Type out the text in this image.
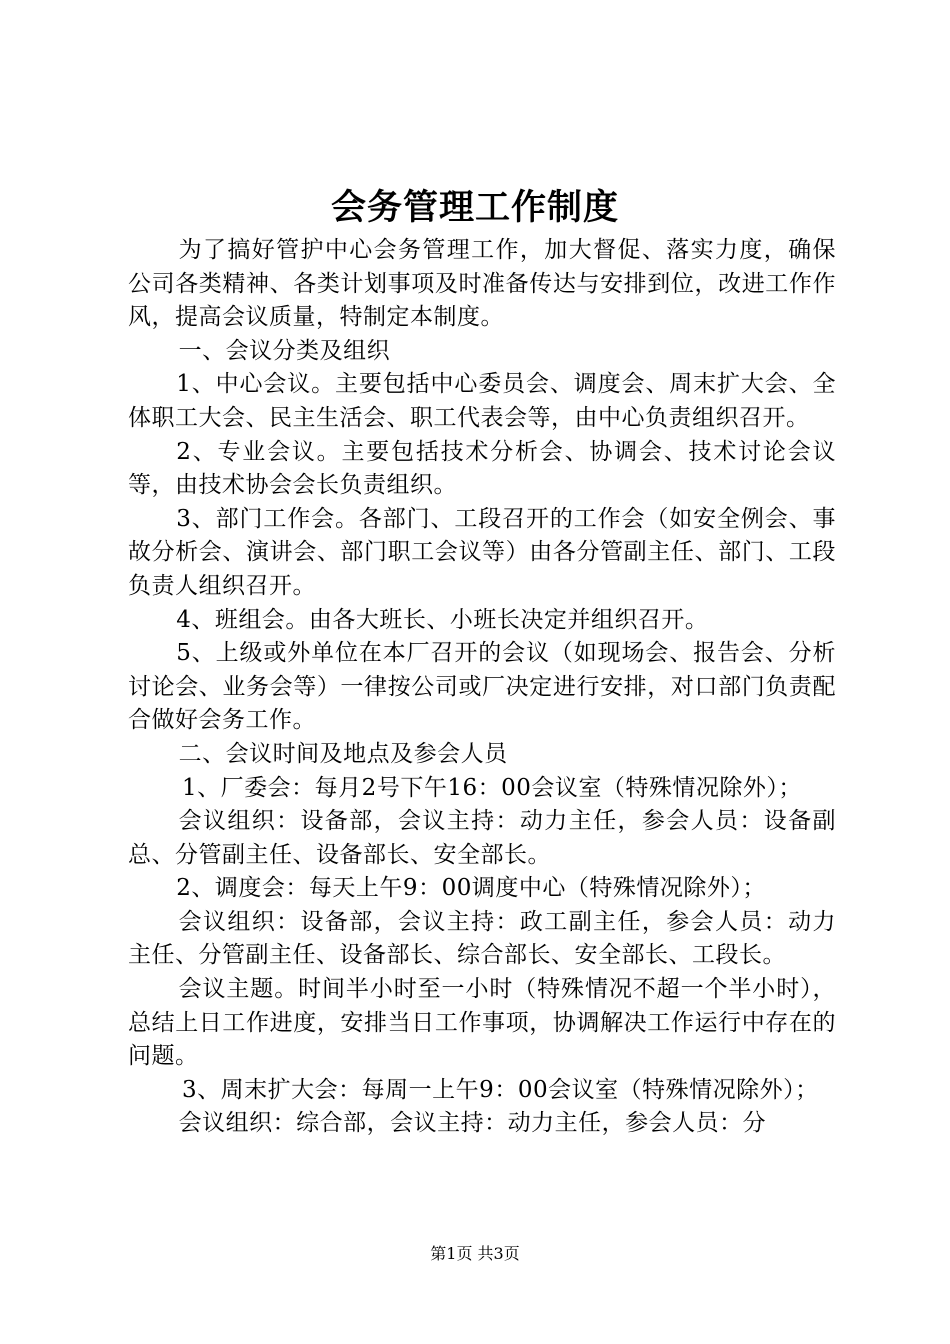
会务管理工作制度

为了搞好管护中心会务管理工作，加大督促、落实力度，确保公司各类精神、各类计划事项及时准备传达与安排到位，改进工作作风，提高会议质量，特制定本制度。

一、会议分类及组织

1、中心会议。主要包括中心委员会、调度会、周末扩大会、全体职工大会、民主生活会、职工代表会等，由中心负责组织召开。

2、专业会议。主要包括技术分析会、协调会、技术讨论会议等，由技术协会会长负责组织。

3、部门工作会。各部门、工段召开的工作会（如安全例会、事故分析会、演讲会、部门职工会议等）由各分管副主任、部门、工段负责人组织召开。

4、班组会。由各大班长、小班长决定并组织召开。

5、上级或外单位在本厂召开的会议（如现场会、报告会、分析讨论会、业务会等）一律按公司或厂决定进行安排，对口部门负责配合做好会务工作。

二、会议时间及地点及参会人员

1、厂委会：每月2号下午16：00会议室（特殊情况除外）；

会议组织：设备部，会议主持：动力主任，参会人员：设备副总、分管副主任、设备部长、安全部长。

2、调度会：每天上午9：00调度中心（特殊情况除外）；

会议组织：设备部，会议主持：政工副主任，参会人员：动力主任、分管副主任、设备部长、综合部长、安全部长、工段长。

会议主题。时间半小时至一小时（特殊情况不超一个半小时），总结上日工作进度，安排当日工作事项，协调解决工作运行中存在的问题。

3、周末扩大会：每周一上午9：00会议室（特殊情况除外）；

会议组织：综合部，会议主持：动力主任，参会人员：分

第1页 共3页
